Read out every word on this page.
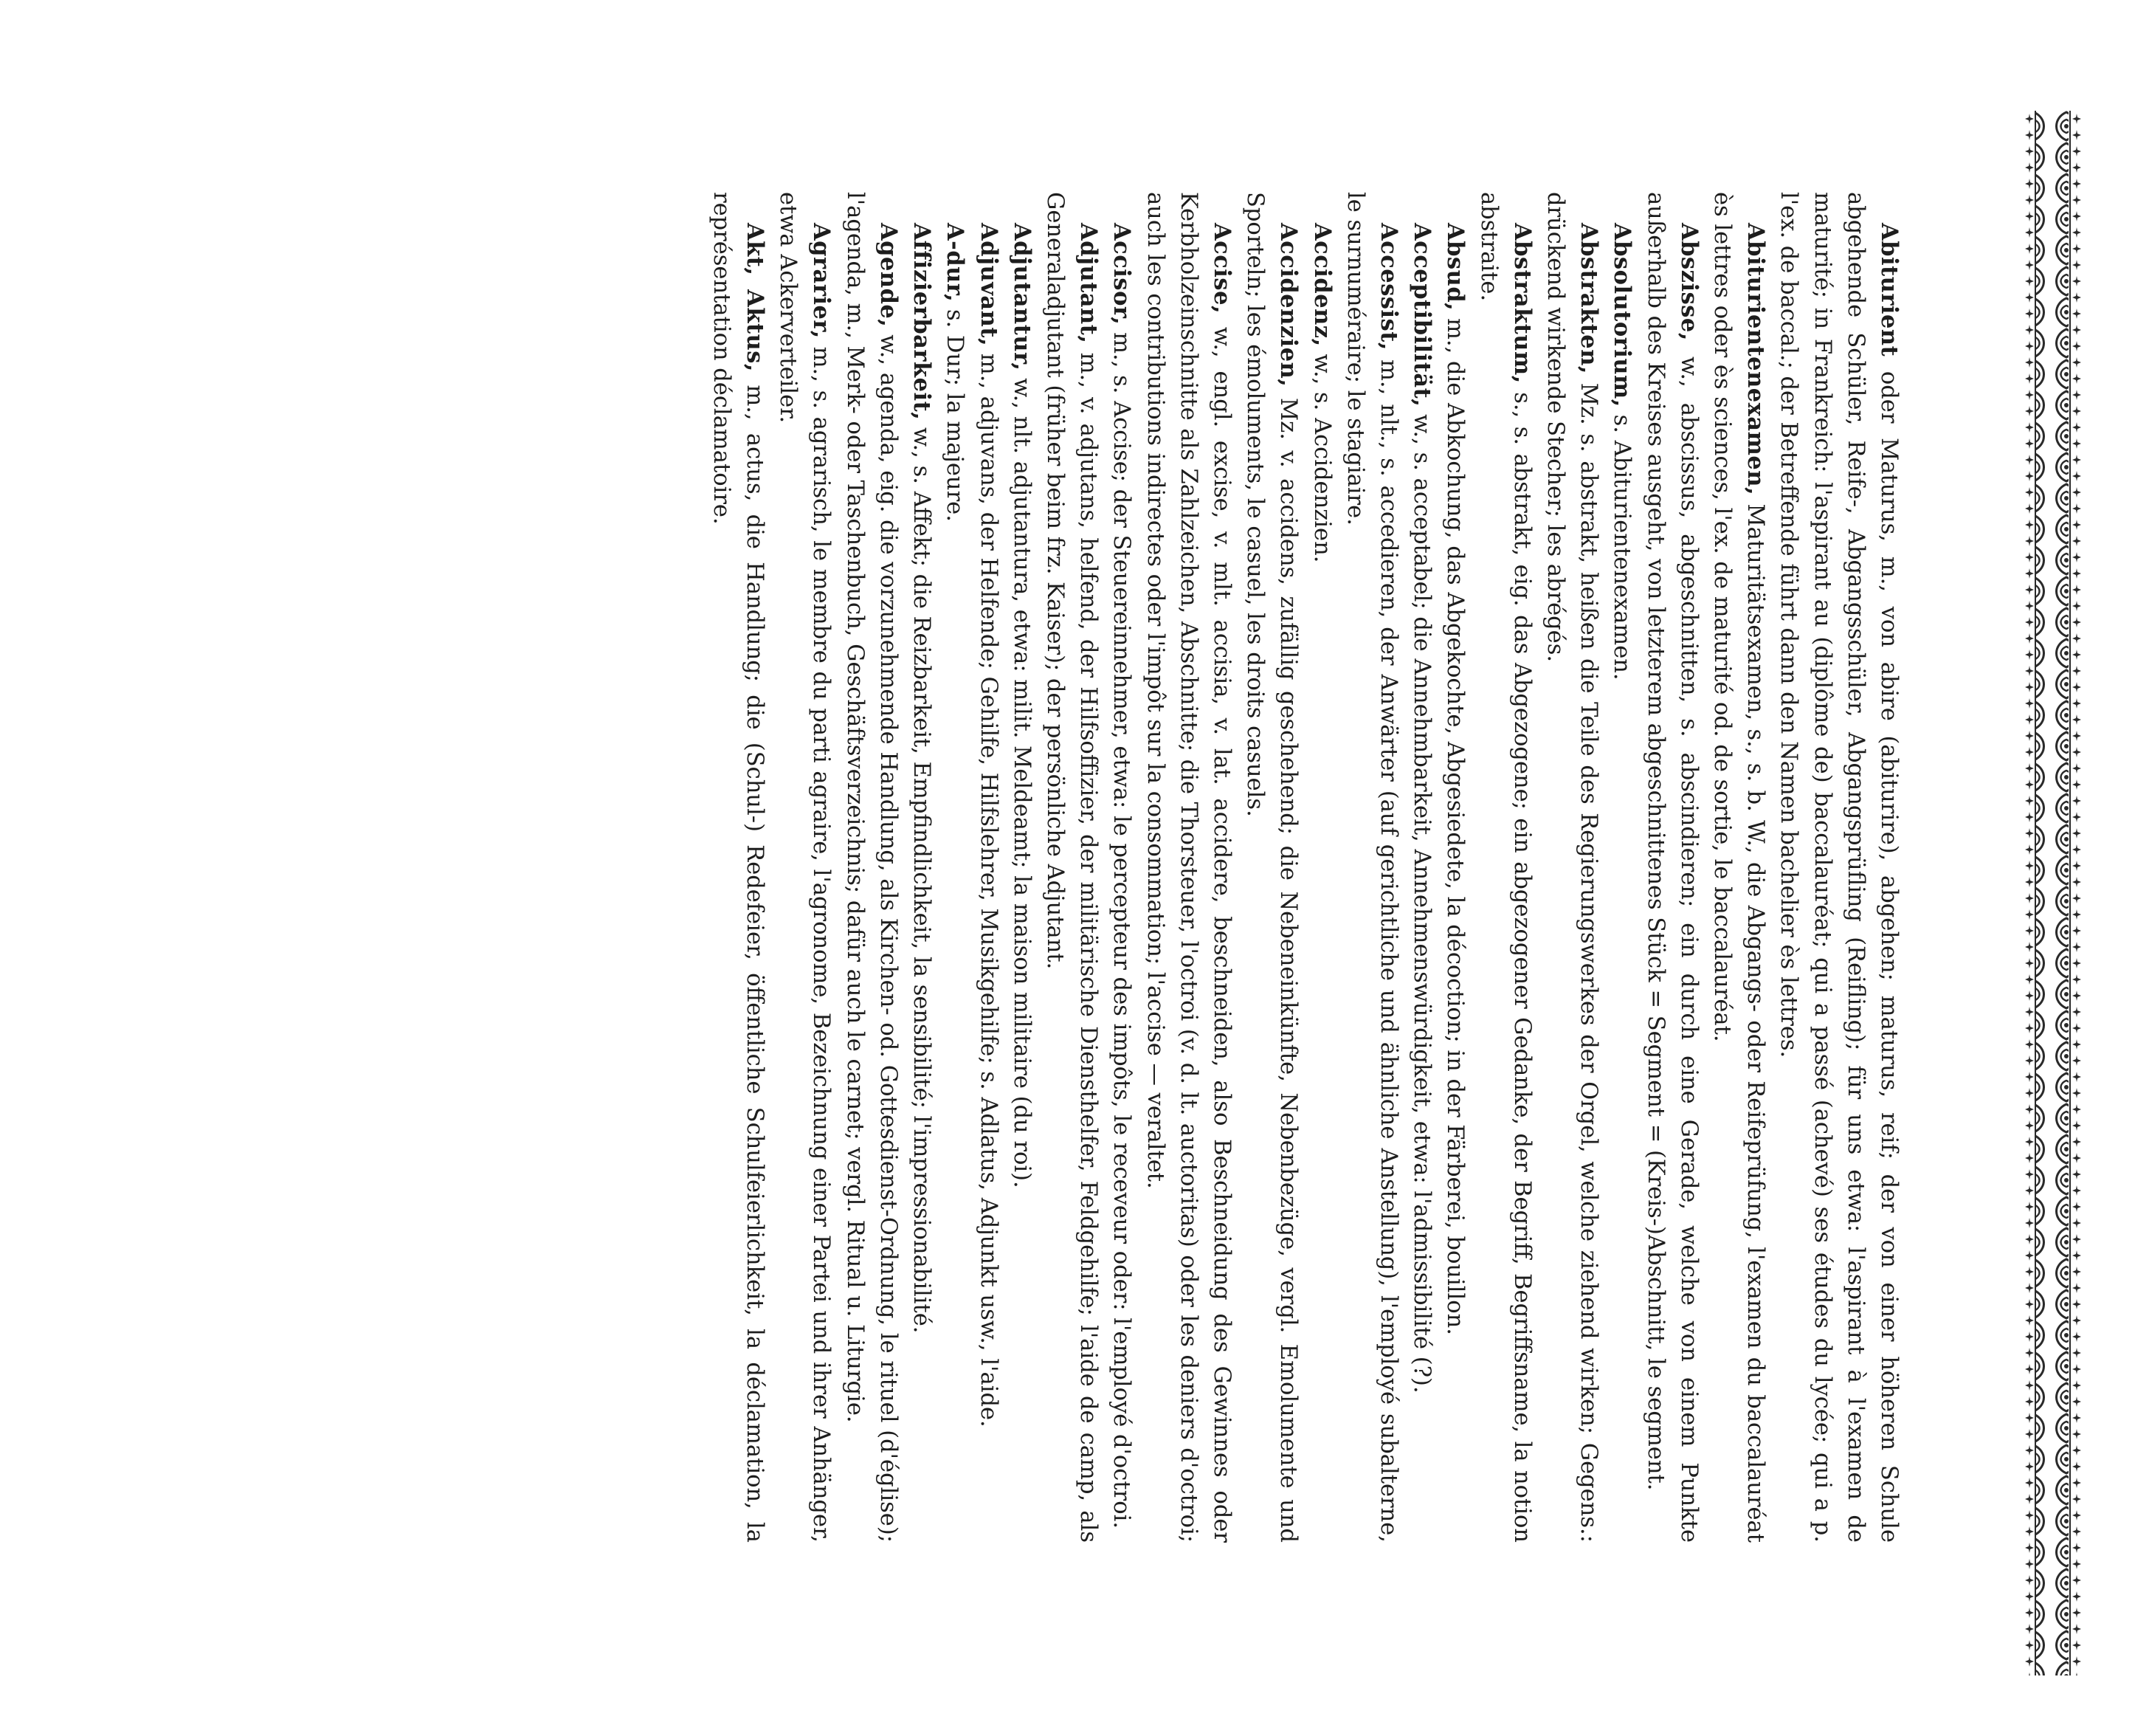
Abiturient oder Maturus, m., von abire (abiturire), abgehen; maturus, reif; der von einer höheren Schule abgehende Schüler, Reife-, Abgangsschüler, Abgangsprüfling (Reifling); für uns etwa: l'aspirant à l'examen de maturité; in Frankreich: l'aspirant au (diplôme de) baccalauréat; qui a passé (achevé) ses études du lycée; qui a p. l'ex. de baccal.; der Betreffende führt dann den Namen bachelier ès lettres.

Abiturientenexamen, Maturitätsexamen, s., s. b. W., die Abgangs- oder Reifeprüfung, l'examen du baccalauréat ès lettres oder ès sciences, l'ex. de maturité od. de sortie, le baccalauréat.

Abszisse, w., abscissus, abgeschnitten, s. abscindieren; ein durch eine Gerade, welche von einem Punkte außerhalb des Kreises ausgeht, von letzterem abgeschnittenes Stück = Segment = (Kreis-)Abschnitt, le segment.

Absolutorium, s. Abiturientenexamen.

Abstrakten, Mz. s. abstrakt, heißen die Teile des Regierungswerkes der Orgel, welche ziehend wirken; Gegens.: drückend wirkende Stecher; les abrégés.

Abstraktum, s., s. abstrakt, eig. das Abgezogene; ein abgezogener Gedanke, der Begriff, Begriffsname, la notion abstraite.

Absud, m., die Abkochung, das Abgekochte, Abgesiedete, la décoction; in der Färberei, bouillon.

Acceptibilität, w., s. acceptabel; die Annehmbarkeit, Annehmenswürdigkeit, etwa: l'admissibilité (?).

Accessist, m., nlt., s. accedieren, der Anwärter (auf gerichtliche und ähnliche Anstellung), l'employé subalterne, le surnuméraire; le stagiaire.

Accidenz, w., s. Accidenzien.

Accidenzien, Mz. v. accidens, zufällig geschehend; die Nebeneinkünfte, Nebenbezüge, vergl. Emolumente und Sporteln; les émoluments, le casuel, les droits casuels.

Accise, w., engl. excise, v. mlt. accisia, v. lat. accidere, beschneiden, also Beschneidung des Gewinnes oder Kerbholzeinschnitte als Zahlzeichen, Abschnitte; die Thorsteuer, l'octroi (v. d. lt. auctoritas) oder les deniers d'octroi; auch les contributions indirectes oder l'impôt sur la consommation; l'accise — veraltet.

Accisor, m., s. Accise; der Steuereinnehmer, etwa: le percepteur des impôts, le receveur oder: l'employé d'octroi.

Adjutant, m., v. adjutans, helfend, der Hilfsoffizier, der militärische Diensthelfer, Feldgehilfe; l'aide de camp, als Generaladjutant (früher beim frz. Kaiser); der persönliche Adjutant.

Adjutantur, w., nlt. adjutantura, etwa: milit. Meldeamt; la maison militaire (du roi).

Adjuvant, m., adjuvans, der Helfende; Gehilfe, Hilfslehrer, Musikgehilfe; s. Adlatus, Adjunkt usw., l'aide.

A-dur, s. Dur; la majeure.

Affizierbarkeit, w., s. Affekt; die Reizbarkeit, Empfindlichkeit, la sensibilité; l'impressionabilité.

Agende, w., agenda, eig. die vorzunehmende Handlung, als Kirchen- od. Gottesdienst-Ordnung, le rituel (d'église); l'agenda, m., Merk- oder Taschenbuch, Geschäftsverzeichnis; dafür auch le carnet; vergl. Ritual u. Liturgie.

Agrarier, m., s. agrarisch, le membre du parti agraire, l'agronome, Bezeichnung einer Partei und ihrer Anhänger, etwa Ackerverteiler.

Akt, Aktus, m., actus, die Handlung; die (Schul-) Redefeier, öffentliche Schulfeierlichkeit, la déclamation, la représentation déclamatoire.
